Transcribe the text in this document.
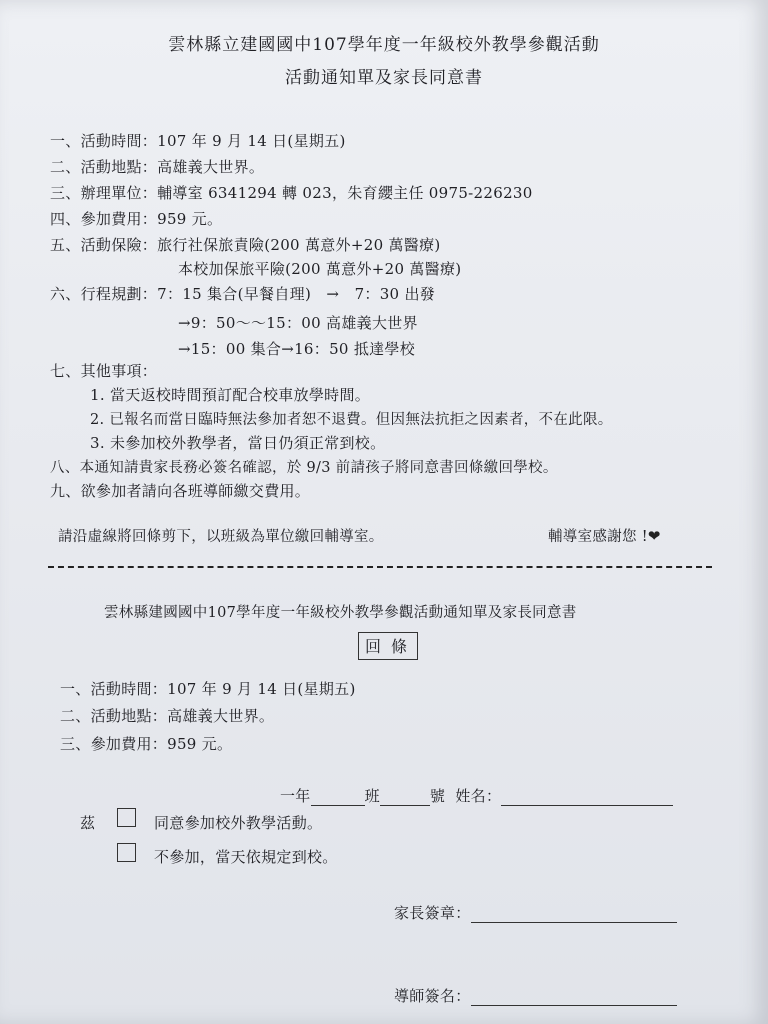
雲林縣立建國國中107學年度一年級校外教學參觀活動
活動通知單及家長同意書
一、活動時間：107 年 9 月 14 日(星期五)
二、活動地點：高雄義大世界。
三、辦理單位：輔導室 6341294 轉 023，朱育纓主任 0975-226230
四、參加費用：959 元。
五、活動保險：旅行社保旅責險(200 萬意外+20 萬醫療)
本校加保旅平險(200 萬意外+20 萬醫療)
六、行程規劃：7：15 集合(早餐自理)　→　7：30 出發
→9：50～～15：00 高雄義大世界
→15：00 集合→16：50 抵達學校
七、其他事項：
1. 當天返校時間預訂配合校車放學時間。
2. 已報名而當日臨時無法參加者恕不退費。但因無法抗拒之因素者，不在此限。
3. 未參加校外教學者，當日仍須正常到校。
八、本通知請貴家長務必簽名確認，於 9/3 前請孩子將同意書回條繳回學校。
九、欲參加者請向各班導師繳交費用。
請沿虛線將回條剪下，以班級為單位繳回輔導室。	輔導室感謝您 !❤
雲林縣建國國中107學年度一年級校外教學參觀活動通知單及家長同意書
回條
一、活動時間：107 年 9 月 14 日(星期五)
二、活動地點：高雄義大世界。
三、參加費用：959 元。
一年	班	號 姓名：
茲	同意參加校外教學活動。
不參加，當天依規定到校。
家長簽章：
導師簽名：
